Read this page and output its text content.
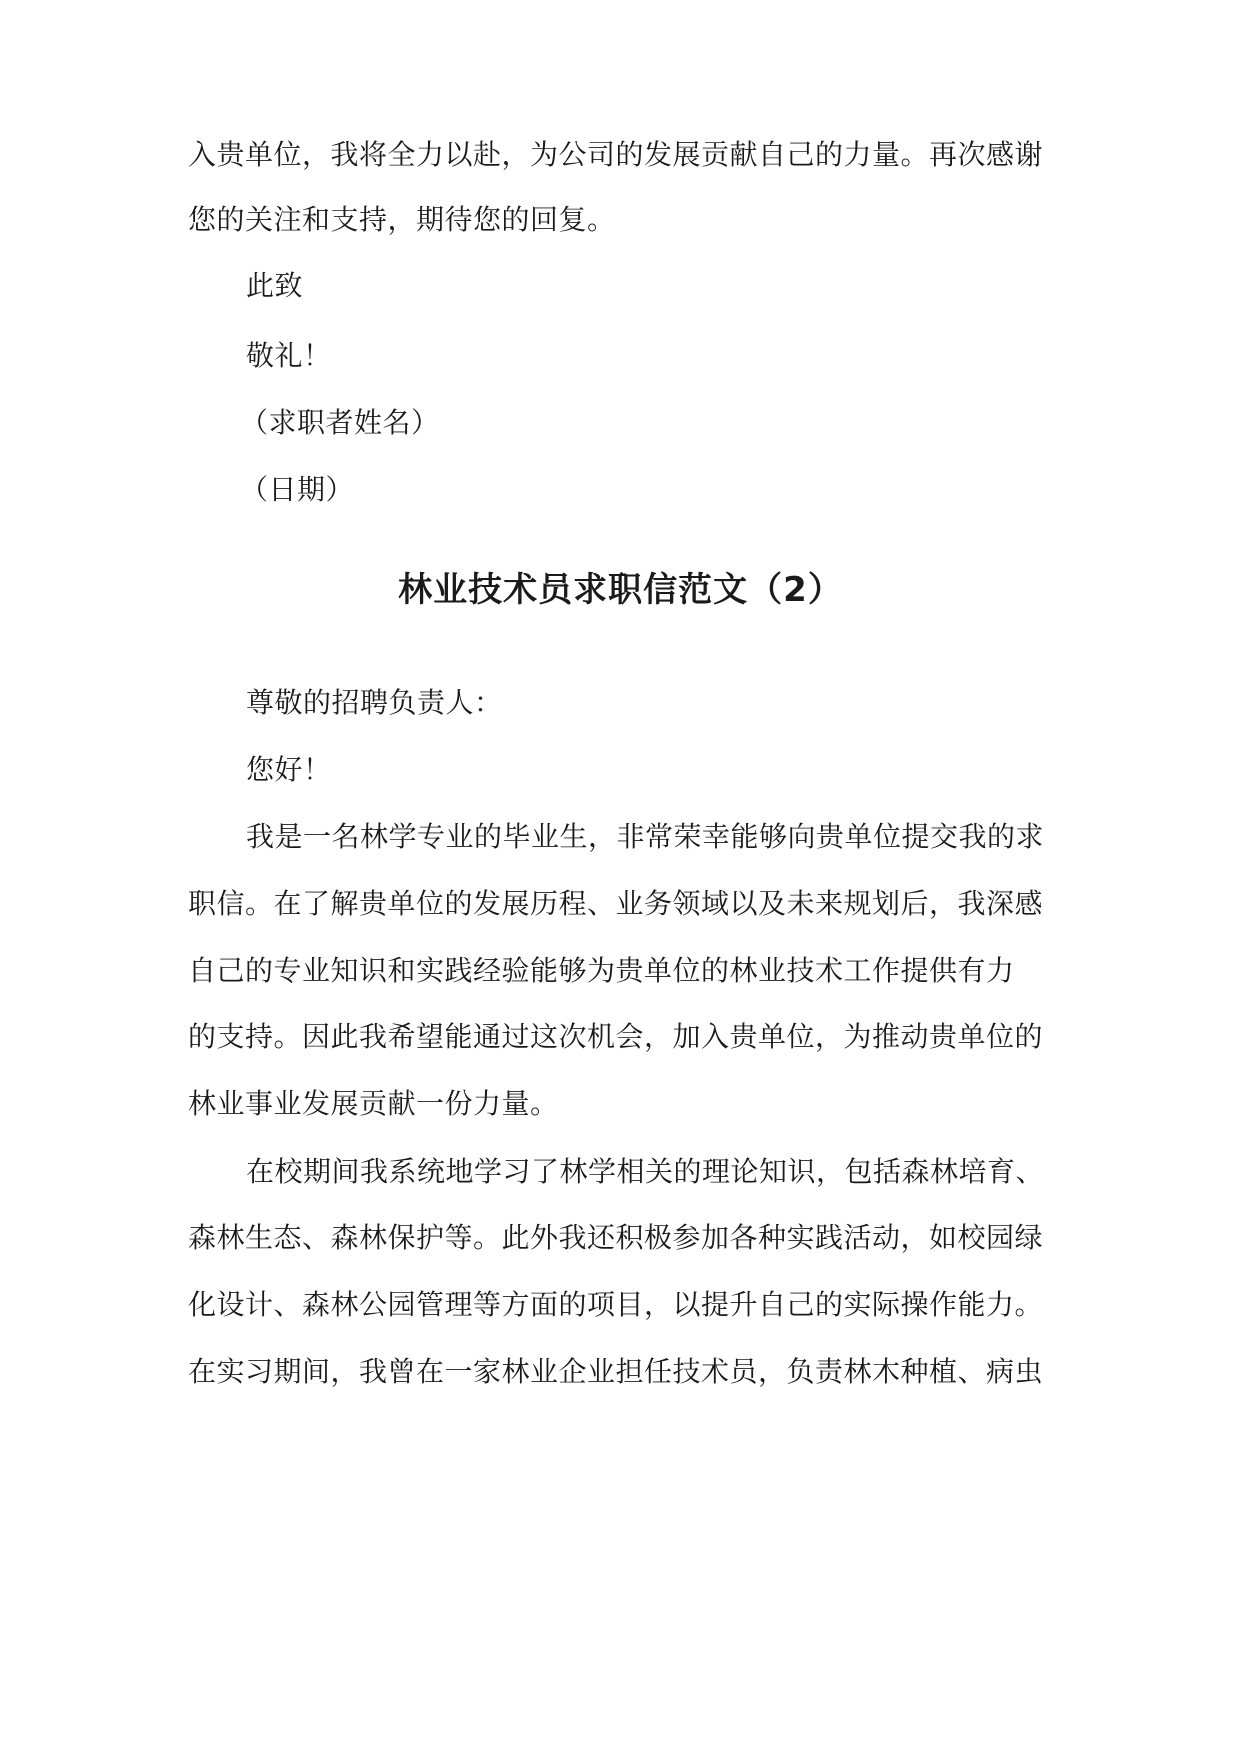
入贵单位，我将全力以赴，为公司的发展贡献自己的力量。再次感谢
您的关注和支持，期待您的回复。
此致
敬礼！
（求职者姓名）
（日期）
林业技术员求职信范文（2）
尊敬的招聘负责人：
您好！
我是一名林学专业的毕业生，非常荣幸能够向贵单位提交我的求
职信。在了解贵单位的发展历程、业务领域以及未来规划后，我深感
自己的专业知识和实践经验能够为贵单位的林业技术工作提供有力
的支持。因此我希望能通过这次机会，加入贵单位，为推动贵单位的
林业事业发展贡献一份力量。
在校期间我系统地学习了林学相关的理论知识，包括森林培育、
森林生态、森林保护等。此外我还积极参加各种实践活动，如校园绿
化设计、森林公园管理等方面的项目，以提升自己的实际操作能力。
在实习期间，我曾在一家林业企业担任技术员，负责林木种植、病虫
